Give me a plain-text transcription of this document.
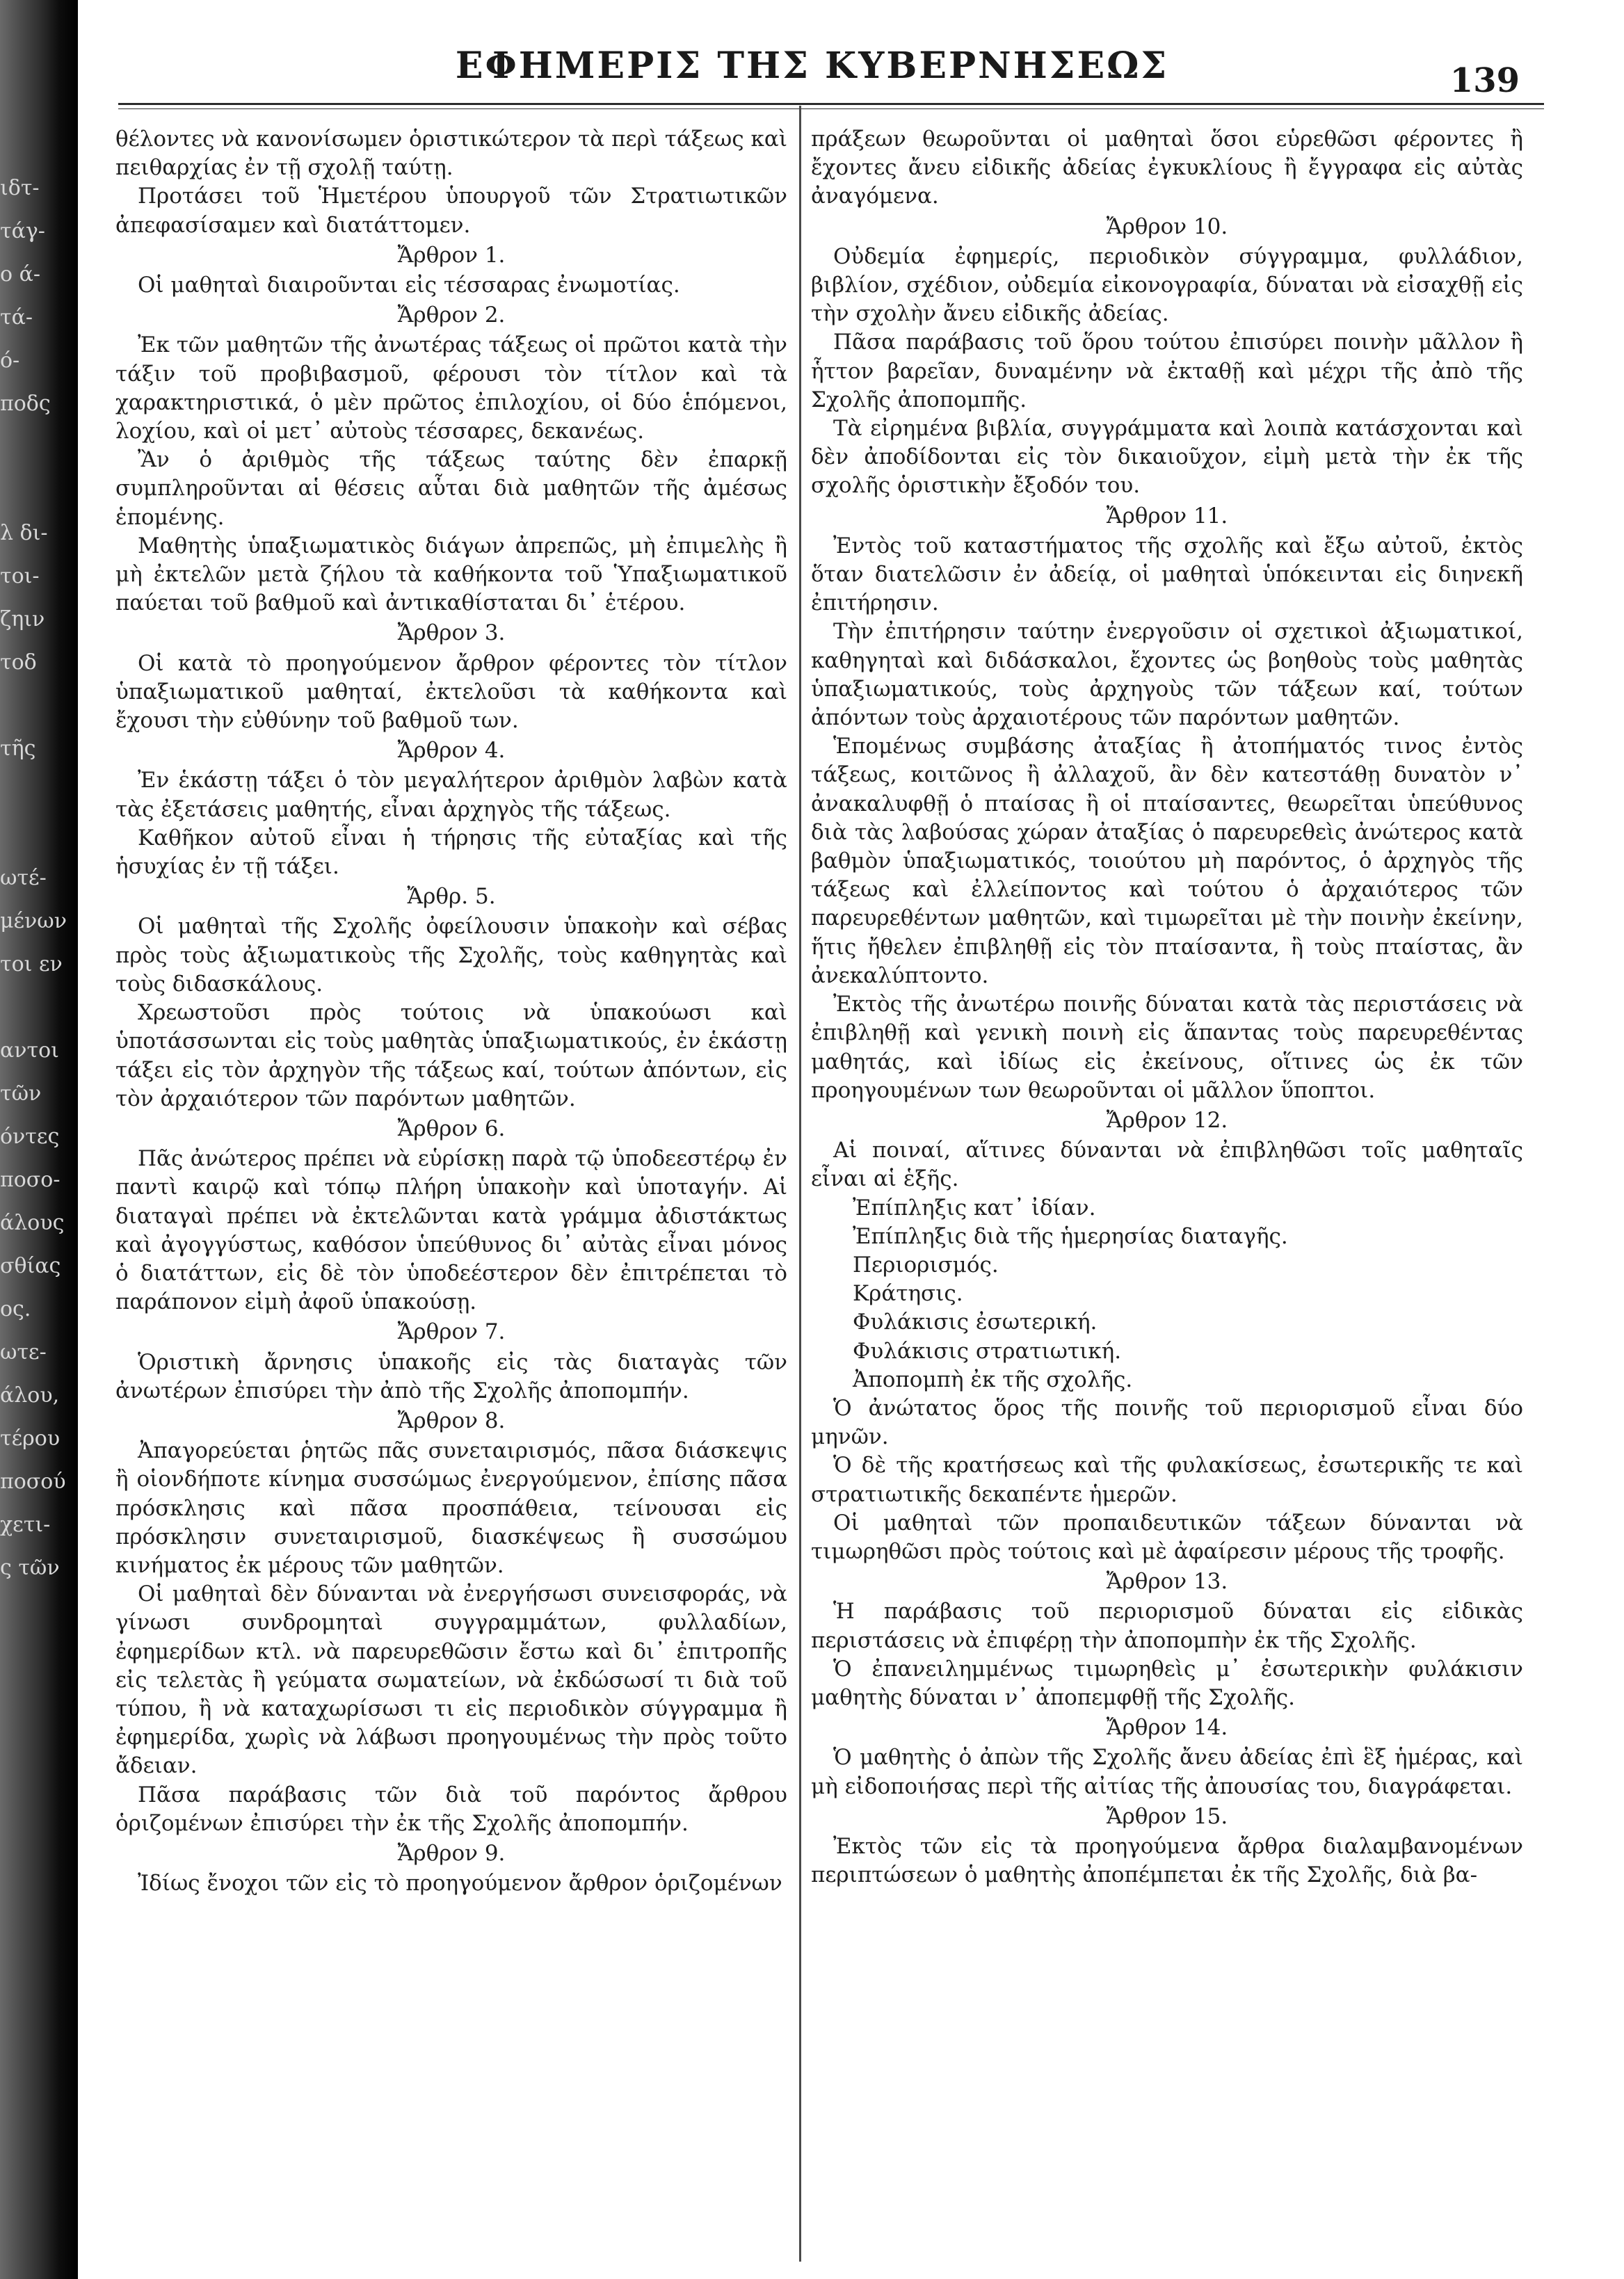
ιδτ-
τάγ-
ο ά-
τά-
ό-
ποδς
λ δι-
τοι-
ζηιν
τοδ
τῆς
ωτέ-
μένων
τοι εν
αντοι
τῶν
όντες
ποσο-
άλους
σθίας
ος.
ωτε-
άλου,
τέρου
ποσού
χετι-
ς τῶν
ΕΦΗΜΕΡΙΣ ΤΗΣ ΚΥΒΕΡΝΗΣΕΩΣ	139

θέλοντες νὰ κανονίσωμεν ὁριστικώτερον τὰ περὶ τάξεως καὶ πειθαρχίας ἐν τῇ σχολῇ ταύτῃ.

Προτάσει τοῦ Ἡμετέρου ὑπουργοῦ τῶν Στρατιωτικῶν ἀπεφασίσαμεν καὶ διατάττομεν.

Ἄρθρον 1.

Οἱ μαθηταὶ διαιροῦνται εἰς τέσσαρας ἐνωμοτίας.

Ἄρθρον 2.

Ἐκ τῶν μαθητῶν τῆς ἀνωτέρας τάξεως οἱ πρῶτοι κατὰ τὴν τάξιν τοῦ προβιβασμοῦ, φέρουσι τὸν τίτλον καὶ τὰ χαρακτηριστικά, ὁ μὲν πρῶτος ἐπιλοχίου, οἱ δύο ἑπόμενοι, λοχίου, καὶ οἱ μετ᾽ αὐτοὺς τέσσαρες, δεκανέως.

Ἂν ὁ ἀριθμὸς τῆς τάξεως ταύτης δὲν ἐπαρκῇ συμπληροῦνται αἱ θέσεις αὗται διὰ μαθητῶν τῆς ἀμέσως ἑπομένης.

Μαθητὴς ὑπαξιωματικὸς διάγων ἀπρεπῶς, μὴ ἐπιμελὴς ἢ μὴ ἐκτελῶν μετὰ ζήλου τὰ καθήκοντα τοῦ Ὑπαξιωματικοῦ παύεται τοῦ βαθμοῦ καὶ ἀντικαθίσταται δι᾽ ἑτέρου.

Ἄρθρον 3.

Οἱ κατὰ τὸ προηγούμενον ἄρθρον φέροντες τὸν τίτλον ὑπαξιωματικοῦ μαθηταί, ἐκτελοῦσι τὰ καθήκοντα καὶ ἔχουσι τὴν εὐθύνην τοῦ βαθμοῦ των.

Ἄρθρον 4.

Ἐν ἑκάστῃ τάξει ὁ τὸν μεγαλήτερον ἀριθμὸν λαβὼν κατὰ τὰς ἐξετάσεις μαθητής, εἶναι ἀρχηγὸς τῆς τάξεως.

Καθῆκον αὐτοῦ εἶναι ἡ τήρησις τῆς εὐταξίας καὶ τῆς ἡσυχίας ἐν τῇ τάξει.

Ἄρθρ. 5.

Οἱ μαθηταὶ τῆς Σχολῆς ὀφείλουσιν ὑπακοὴν καὶ σέβας πρὸς τοὺς ἀξιωματικοὺς τῆς Σχολῆς, τοὺς καθηγητὰς καὶ τοὺς διδασκάλους.

Χρεωστοῦσι πρὸς τούτοις νὰ ὑπακούωσι καὶ ὑποτάσσωνται εἰς τοὺς μαθητὰς ὑπαξιωματικούς, ἐν ἑκάστῃ τάξει εἰς τὸν ἀρχηγὸν τῆς τάξεως καί, τούτων ἀπόντων, εἰς τὸν ἀρχαιότερον τῶν παρόντων μαθητῶν.

Ἄρθρον 6.

Πᾶς ἀνώτερος πρέπει νὰ εὑρίσκῃ παρὰ τῷ ὑποδεεστέρῳ ἐν παντὶ καιρῷ καὶ τόπῳ πλήρη ὑπακοὴν καὶ ὑποταγήν. Αἱ διαταγαὶ πρέπει νὰ ἐκτελῶνται κατὰ γράμμα ἀδιστάκτως καὶ ἀγογγύστως, καθόσον ὑπεύθυνος δι᾽ αὐτὰς εἶναι μόνος ὁ διατάττων, εἰς δὲ τὸν ὑποδεέστερον δὲν ἐπιτρέπεται τὸ παράπονον εἰμὴ ἀφοῦ ὑπακούσῃ.

Ἄρθρον 7.

Ὁριστικὴ ἄρνησις ὑπακοῆς εἰς τὰς διαταγὰς τῶν ἀνωτέρων ἐπισύρει τὴν ἀπὸ τῆς Σχολῆς ἀποπομπήν.

Ἄρθρον 8.

Ἀπαγορεύεται ῥητῶς πᾶς συνεταιρισμός, πᾶσα διάσκεψις ἢ οἱονδήποτε κίνημα συσσώμως ἐνεργούμενον, ἐπίσης πᾶσα πρόσκλησις καὶ πᾶσα προσπάθεια, τείνουσαι εἰς πρόσκλησιν συνεταιρισμοῦ, διασκέψεως ἢ συσσώμου κινήματος ἐκ μέρους τῶν μαθητῶν.

Οἱ μαθηταὶ δὲν δύνανται νὰ ἐνεργήσωσι συνεισφοράς, νὰ γίνωσι συνδρομηταὶ συγγραμμάτων, φυλλαδίων, ἐφημερίδων κτλ. νὰ παρευρεθῶσιν ἔστω καὶ δι᾽ ἐπιτροπῆς εἰς τελετὰς ἢ γεύματα σωματείων, νὰ ἐκδώσωσί τι διὰ τοῦ τύπου, ἢ νὰ καταχωρίσωσι τι εἰς περιοδικὸν σύγγραμμα ἢ ἐφημερίδα, χωρὶς νὰ λάβωσι προηγουμένως τὴν πρὸς τοῦτο ἄδειαν.

Πᾶσα παράβασις τῶν διὰ τοῦ παρόντος ἄρθρου ὁριζομένων ἐπισύρει τὴν ἐκ τῆς Σχολῆς ἀποπομπήν.

Ἄρθρον 9.

Ἰδίως ἔνοχοι τῶν εἰς τὸ προηγούμενον ἄρθρον ὁριζομένων

πράξεων θεωροῦνται οἱ μαθηταὶ ὅσοι εὑρεθῶσι φέροντες ἢ ἔχοντες ἄνευ εἰδικῆς ἀδείας ἐγκυκλίους ἢ ἔγγραφα εἰς αὐτὰς ἀναγόμενα.

Ἄρθρον 10.

Οὐδεμία ἐφημερίς, περιοδικὸν σύγγραμμα, φυλλάδιον, βιβλίον, σχέδιον, οὐδεμία εἰκονογραφία, δύναται νὰ εἰσαχθῇ εἰς τὴν σχολὴν ἄνευ εἰδικῆς ἀδείας.

Πᾶσα παράβασις τοῦ ὅρου τούτου ἐπισύρει ποινὴν μᾶλλον ἢ ἧττον βαρεῖαν, δυναμένην νὰ ἐκταθῇ καὶ μέχρι τῆς ἀπὸ τῆς Σχολῆς ἀποπομπῆς.

Τὰ εἰρημένα βιβλία, συγγράμματα καὶ λοιπὰ κατάσχονται καὶ δὲν ἀποδίδονται εἰς τὸν δικαιοῦχον, εἰμὴ μετὰ τὴν ἐκ τῆς σχολῆς ὁριστικὴν ἔξοδόν του.

Ἄρθρον 11.

Ἐντὸς τοῦ καταστήματος τῆς σχολῆς καὶ ἔξω αὐτοῦ, ἐκτὸς ὅταν διατελῶσιν ἐν ἀδείᾳ, οἱ μαθηταὶ ὑπόκεινται εἰς διηνεκῆ ἐπιτήρησιν.

Τὴν ἐπιτήρησιν ταύτην ἐνεργοῦσιν οἱ σχετικοὶ ἀξιωματικοί, καθηγηταὶ καὶ διδάσκαλοι, ἔχοντες ὡς βοηθοὺς τοὺς μαθητὰς ὑπαξιωματικούς, τοὺς ἀρχηγοὺς τῶν τάξεων καί, τούτων ἀπόντων τοὺς ἀρχαιοτέρους τῶν παρόντων μαθητῶν.

Ἑπομένως συμβάσης ἀταξίας ἢ ἀτοπήματός τινος ἐντὸς τάξεως, κοιτῶνος ἢ ἀλλαχοῦ, ἂν δὲν κατεστάθῃ δυνατὸν ν᾽ ἀνακαλυφθῇ ὁ πταίσας ἢ οἱ πταίσαντες, θεωρεῖται ὑπεύθυνος διὰ τὰς λαβούσας χώραν ἀταξίας ὁ παρευρεθεὶς ἀνώτερος κατὰ βαθμὸν ὑπαξιωματικός, τοιούτου μὴ παρόντος, ὁ ἀρχηγὸς τῆς τάξεως καὶ ἐλλείποντος καὶ τούτου ὁ ἀρχαιότερος τῶν παρευρεθέντων μαθητῶν, καὶ τιμωρεῖται μὲ τὴν ποινὴν ἐκείνην, ἥτις ἤθελεν ἐπιβληθῇ εἰς τὸν πταίσαντα, ἢ τοὺς πταίστας, ἂν ἀνεκαλύπτοντο.

Ἐκτὸς τῆς ἀνωτέρω ποινῆς δύναται κατὰ τὰς περιστάσεις νὰ ἐπιβληθῇ καὶ γενικὴ ποινὴ εἰς ἅπαντας τοὺς παρευρεθέντας μαθητάς, καὶ ἰδίως εἰς ἐκείνους, οἵτινες ὡς ἐκ τῶν προηγουμένων των θεωροῦνται οἱ μᾶλλον ὕποπτοι.

Ἄρθρον 12.

Αἱ ποιναί, αἵτινες δύνανται νὰ ἐπιβληθῶσι τοῖς μαθηταῖς εἶναι αἱ ἑξῆς.

Ἐπίπληξις κατ᾽ ἰδίαν.

Ἐπίπληξις διὰ τῆς ἡμερησίας διαταγῆς.

Περιορισμός.

Κράτησις.

Φυλάκισις ἐσωτερική.

Φυλάκισις στρατιωτική.

Ἀποπομπὴ ἐκ τῆς σχολῆς.

Ὁ ἀνώτατος ὅρος τῆς ποινῆς τοῦ περιορισμοῦ εἶναι δύο μηνῶν.

Ὁ δὲ τῆς κρατήσεως καὶ τῆς φυλακίσεως, ἐσωτερικῆς τε καὶ στρατιωτικῆς δεκαπέντε ἡμερῶν.

Οἱ μαθηταὶ τῶν προπαιδευτικῶν τάξεων δύνανται νὰ τιμωρηθῶσι πρὸς τούτοις καὶ μὲ ἀφαίρεσιν μέρους τῆς τροφῆς.

Ἄρθρον 13.

Ἡ παράβασις τοῦ περιορισμοῦ δύναται εἰς εἰδικὰς περιστάσεις νὰ ἐπιφέρῃ τὴν ἀποπομπὴν ἐκ τῆς Σχολῆς.

Ὁ ἐπανειλημμένως τιμωρηθεὶς μ᾽ ἐσωτερικὴν φυλάκισιν μαθητὴς δύναται ν᾽ ἀποπεμφθῇ τῆς Σχολῆς.

Ἄρθρον 14.

Ὁ μαθητὴς ὁ ἀπὼν τῆς Σχολῆς ἄνευ ἀδείας ἐπὶ ἓξ ἡμέρας, καὶ μὴ εἰδοποιήσας περὶ τῆς αἰτίας τῆς ἀπουσίας του, διαγράφεται.

Ἄρθρον 15.

Ἐκτὸς τῶν εἰς τὰ προηγούμενα ἄρθρα διαλαμβανομένων περιπτώσεων ὁ μαθητὴς ἀποπέμπεται ἐκ τῆς Σχολῆς, διὰ βα-
